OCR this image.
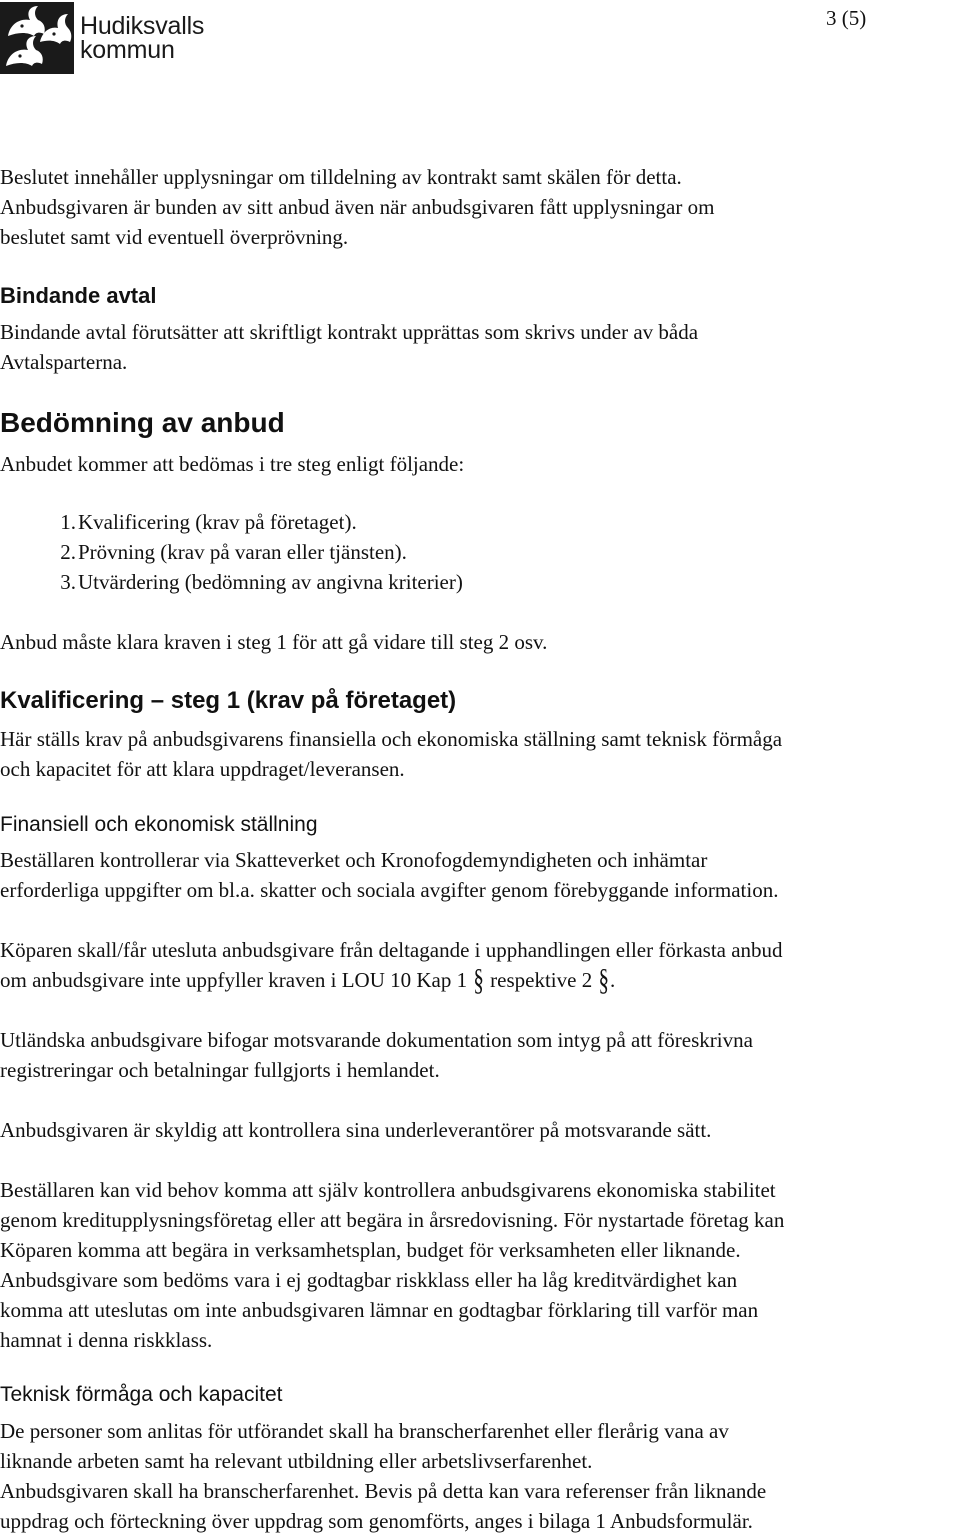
Hudiksvalls
kommun
3 (5)
Beslutet innehåller upplysningar om tilldelning av kontrakt samt skälen för detta.
Anbudsgivaren är bunden av sitt anbud även när anbudsgivaren fått upplysningar om
beslutet samt vid eventuell överprövning.
Bindande avtal
Bindande avtal förutsätter att skriftligt kontrakt upprättas som skrivs under av båda
Avtalsparterna.
Bedömning av anbud
Anbudet kommer att bedömas i tre steg enligt följande:
1.Kvalificering (krav på företaget).
2.Prövning (krav på varan eller tjänsten).
3.Utvärdering (bedömning av angivna kriterier)
Anbud måste klara kraven i steg 1 för att gå vidare till steg 2 osv.
Kvalificering – steg 1 (krav på företaget)
Här ställs krav på anbudsgivarens finansiella och ekonomiska ställning samt teknisk förmåga
och kapacitet för att klara uppdraget/leveransen.
Finansiell och ekonomisk ställning
Beställaren kontrollerar via Skatteverket och Kronofogdemyndigheten och inhämtar
erforderliga uppgifter om bl.a. skatter och sociala avgifter genom förebyggande information.
Köparen skall/får utesluta anbudsgivare från deltagande i upphandlingen eller förkasta anbud
om anbudsgivare inte uppfyller kraven i LOU 10 Kap 1 § respektive 2 §.
Utländska anbudsgivare bifogar motsvarande dokumentation som intyg på att föreskrivna
registreringar och betalningar fullgjorts i hemlandet.
Anbudsgivaren är skyldig att kontrollera sina underleverantörer på motsvarande sätt.
Beställaren kan vid behov komma att själv kontrollera anbudsgivarens ekonomiska stabilitet
genom kreditupplysningsföretag eller att begära in årsredovisning. För nystartade företag kan
Köparen komma att begära in verksamhetsplan, budget för verksamheten eller liknande.
Anbudsgivare som bedöms vara i ej godtagbar riskklass eller ha låg kreditvärdighet kan
komma att uteslutas om inte anbudsgivaren lämnar en godtagbar förklaring till varför man
hamnat i denna riskklass.
Teknisk förmåga och kapacitet
De personer som anlitas för utförandet skall ha branscherfarenhet eller flerårig vana av
liknande arbeten samt ha relevant utbildning eller arbetslivserfarenhet.
Anbudsgivaren skall ha branscherfarenhet. Bevis på detta kan vara referenser från liknande
uppdrag och förteckning över uppdrag som genomförts, anges i bilaga 1 Anbudsformulär.
